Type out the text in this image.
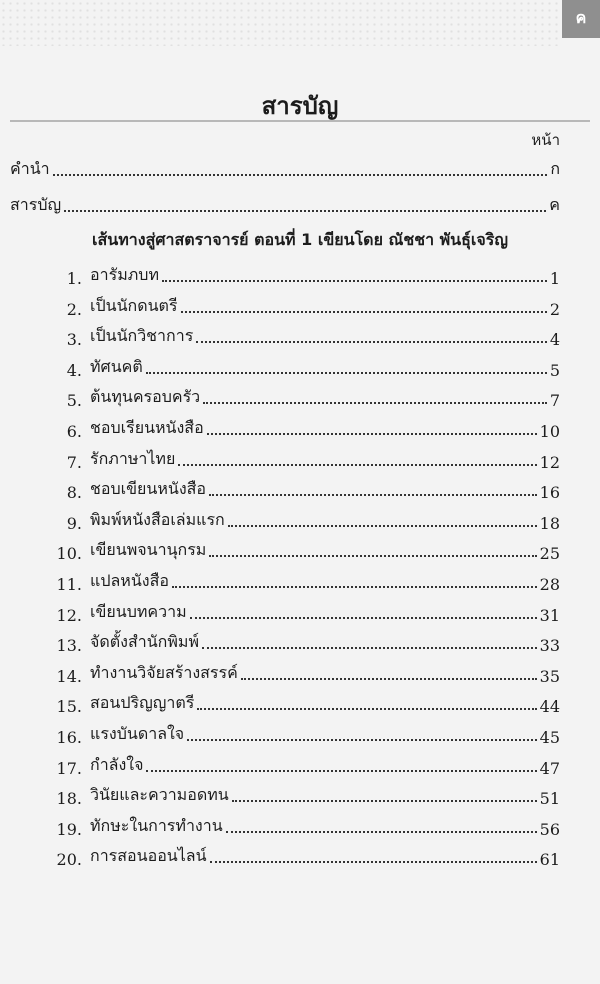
ค
สารบัญ
หน้า
คำนำ	ก
สารบัญ	ค
เส้นทางสู่ศาสตราจารย์ ตอนที่ 1 เขียนโดย ณัชชา พันธุ์เจริญ
1. อารัมภบท	1
2. เป็นนักดนตรี	2
3. เป็นนักวิชาการ	4
4. ทัศนคติ	5
5. ต้นทุนครอบครัว	7
6. ชอบเรียนหนังสือ	10
7. รักภาษาไทย	12
8. ชอบเขียนหนังสือ	16
9. พิมพ์หนังสือเล่มแรก	18
10. เขียนพจนานุกรม	25
11. แปลหนังสือ	28
12. เขียนบทความ	31
13. จัดตั้งสำนักพิมพ์	33
14. ทำงานวิจัยสร้างสรรค์	35
15. สอนปริญญาตรี	44
16. แรงบันดาลใจ	45
17. กำลังใจ	47
18. วินัยและความอดทน	51
19. ทักษะในการทำงาน	56
20. การสอนออนไลน์	61
